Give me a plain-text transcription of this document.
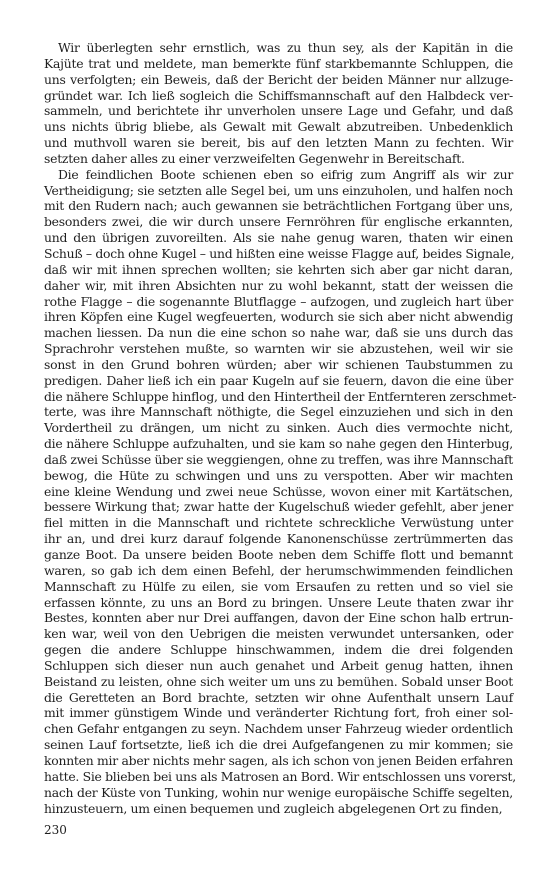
Wir überlegten sehr ernstlich, was zu thun sey, als der Kapitän in die
Kajüte trat und meldete, man bemerkte fünf starkbemannte Schluppen, die
uns verfolgten; ein Beweis, daß der Bericht der beiden Männer nur allzuge-
gründet war. Ich ließ sogleich die Schiffsmannschaft auf den Halbdeck ver-
sammeln, und berichtete ihr unverholen unsere Lage und Gefahr, und daß
uns nichts übrig bliebe, als Gewalt mit Gewalt abzutreiben. Unbedenklich
und muthvoll waren sie bereit, bis auf den letzten Mann zu fechten. Wir
setzten daher alles zu einer verzweifelten Gegenwehr in Bereitschaft.

Die feindlichen Boote schienen eben so eifrig zum Angriff als wir zur
Vertheidigung; sie setzten alle Segel bei, um uns einzuholen, und halfen noch
mit den Rudern nach; auch gewannen sie beträchtlichen Fortgang über uns,
besonders zwei, die wir durch unsere Fernröhren für englische erkannten,
und den übrigen zuvoreilten. Als sie nahe genug waren, thaten wir einen
Schuß – doch ohne Kugel – und hißten eine weisse Flagge auf, beides Signale,
daß wir mit ihnen sprechen wollten; sie kehrten sich aber gar nicht daran,
daher wir, mit ihren Absichten nur zu wohl bekannt, statt der weissen die
rothe Flagge – die sogenannte Blutflagge – aufzogen, und zugleich hart über
ihren Köpfen eine Kugel wegfeuerten, wodurch sie sich aber nicht abwendig
machen liessen. Da nun die eine schon so nahe war, daß sie uns durch das
Sprachrohr verstehen mußte, so warnten wir sie abzustehen, weil wir sie
sonst in den Grund bohren würden; aber wir schienen Taubstummen zu
predigen. Daher ließ ich ein paar Kugeln auf sie feuern, davon die eine über
die nähere Schluppe hinflog, und den Hintertheil der Entfernteren zerschmet-
terte, was ihre Mannschaft nöthigte, die Segel einzuziehen und sich in den
Vordertheil zu drängen, um nicht zu sinken. Auch dies vermochte nicht,
die nähere Schluppe aufzuhalten, und sie kam so nahe gegen den Hinterbug,
daß zwei Schüsse über sie weggiengen, ohne zu treffen, was ihre Mannschaft
bewog, die Hüte zu schwingen und uns zu verspotten. Aber wir machten
eine kleine Wendung und zwei neue Schüsse, wovon einer mit Kartätschen,
bessere Wirkung that; zwar hatte der Kugelschuß wieder gefehlt, aber jener
fiel mitten in die Mannschaft und richtete schreckliche Verwüstung unter
ihr an, und drei kurz darauf folgende Kanonenschüsse zertrümmerten das
ganze Boot. Da unsere beiden Boote neben dem Schiffe flott und bemannt
waren, so gab ich dem einen Befehl, der herumschwimmenden feindlichen
Mannschaft zu Hülfe zu eilen, sie vom Ersaufen zu retten und so viel sie
erfassen könnte, zu uns an Bord zu bringen. Unsere Leute thaten zwar ihr
Bestes, konnten aber nur Drei auffangen, davon der Eine schon halb ertrun-
ken war, weil von den Uebrigen die meisten verwundet untersanken, oder
gegen die andere Schluppe hinschwammen, indem die drei folgenden
Schluppen sich dieser nun auch genahet und Arbeit genug hatten, ihnen
Beistand zu leisten, ohne sich weiter um uns zu bemühen. Sobald unser Boot
die Geretteten an Bord brachte, setzten wir ohne Aufenthalt unsern Lauf
mit immer günstigem Winde und veränderter Richtung fort, froh einer sol-
chen Gefahr entgangen zu seyn. Nachdem unser Fahrzeug wieder ordentlich
seinen Lauf fortsetzte, ließ ich die drei Aufgefangenen zu mir kommen; sie
konnten mir aber nichts mehr sagen, als ich schon von jenen Beiden erfahren
hatte. Sie blieben bei uns als Matrosen an Bord. Wir entschlossen uns vorerst,
nach der Küste von Tunking, wohin nur wenige europäische Schiffe segelten,
hinzusteuern, um einen bequemen und zugleich abgelegenen Ort zu finden,

230
